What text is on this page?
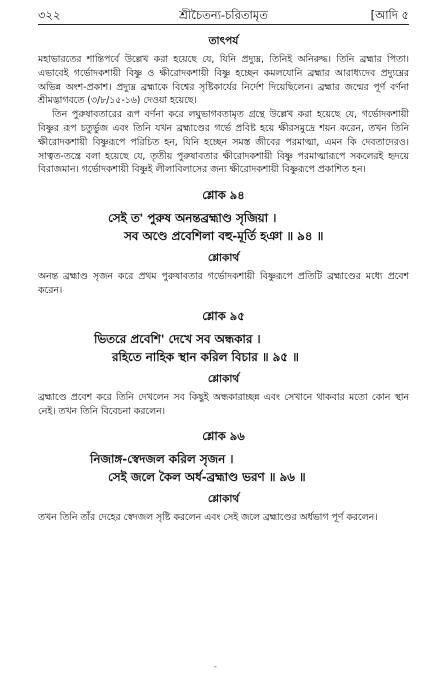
৩২২	শ্রীচৈতন্য-চরিতামৃত	[আদি ৫
তাৎপর্য

মহাভারতের শান্তিপর্বে উল্লেখ করা হয়েছে যে, যিনি প্রদ্যুম্ন, তিনিই অনিরুদ্ধ। তিনি ব্রহ্মার পিতা। এভাবেই গর্ভোদকশায়ী বিষ্ণু ও ক্ষীরোদকশায়ী বিষ্ণু হচ্ছেন কমলযোনি ব্রহ্মার আরাধ্যদেব প্রদ্যুম্নের অভিন্ন অংশ-প্রকাশ। প্রদ্যুম্ন ব্রহ্মাকে বিশ্বের সৃষ্টিকার্যের নির্দেশ দিয়েছিলেন। ব্রহ্মার জন্মের পূর্ণ বর্ণনা শ্রীমদ্ভাগবতে (৩/৮/১৫-১৬) দেওয়া হয়েছে।

তিন পুরুষাবতারের রূপ বর্ণনা করে লঘুভাগবতামৃত গ্রন্থে উল্লেখ করা হয়েছে যে, গর্ভোদকশায়ী বিষ্ণুর রূপ চতুর্ভুজ এবং তিনি যখন ব্রহ্মাণ্ডের গর্ভে প্রবিষ্ট হয়ে ক্ষীরসমুদ্রে শয়ন করেন, তখন তিনি ক্ষীরোদকশায়ী বিষ্ণুরূপে পরিচিত হন, যিনি হচ্ছেন সমস্ত জীবের পরমাত্মা, এমন কি দেবতাদেরও। সাত্বত-তন্ত্রে বলা হয়েছে যে, তৃতীয় পুরুষাবতার ক্ষীরোদকশায়ী বিষ্ণু পরমাত্মারূপে সকলেরই হৃদয়ে বিরাজমান। গর্ভোদকশায়ী বিষ্ণুই লীলাবিলাসের জন্য ক্ষীরোদকশায়ী বিষ্ণুরূপে প্রকাশিত হন।

শ্লোক ৯৪

সেই ত' পুরুষ অনন্তব্রহ্মাণ্ড সৃজিয়া ।

সব অণ্ডে প্রবেশিলা বহু-মূর্তি হঞা ॥ ৯৪ ॥

শ্লোকার্থ

অনন্ত ব্রহ্মাণ্ড সৃজন করে প্রথম পুরুষাবতার গর্ভোদকশায়ী বিষ্ণুরূপে প্রতিটি ব্রহ্মাণ্ডের মধ্যে প্রবেশ করেন।

শ্লোক ৯৫

ভিতরে প্রবেশি' দেখে সব অন্ধকার ।

রহিতে নাহিক স্থান করিল বিচার ॥ ৯৫ ॥

শ্লোকার্থ

ব্রহ্মাণ্ডে প্রবেশ করে তিনি দেখলেন সব কিছুই অন্ধকারাচ্ছন্ন এবং সেখানে থাকবার মতো কোন স্থান নেই। তখন তিনি বিবেচনা করলেন।

শ্লোক ৯৬

নিজাঙ্গ-স্বেদজল করিল সৃজন ।

সেই জলে কৈল অর্ধ-ব্রহ্মাণ্ড ভরণ ॥ ৯৬ ॥

শ্লোকার্থ

তখন তিনি তাঁর দেহের স্বেদজল সৃষ্টি করলেন এবং সেই জলে ব্রহ্মাণ্ডের অর্ধভাগ পূর্ণ করলেন।

-
